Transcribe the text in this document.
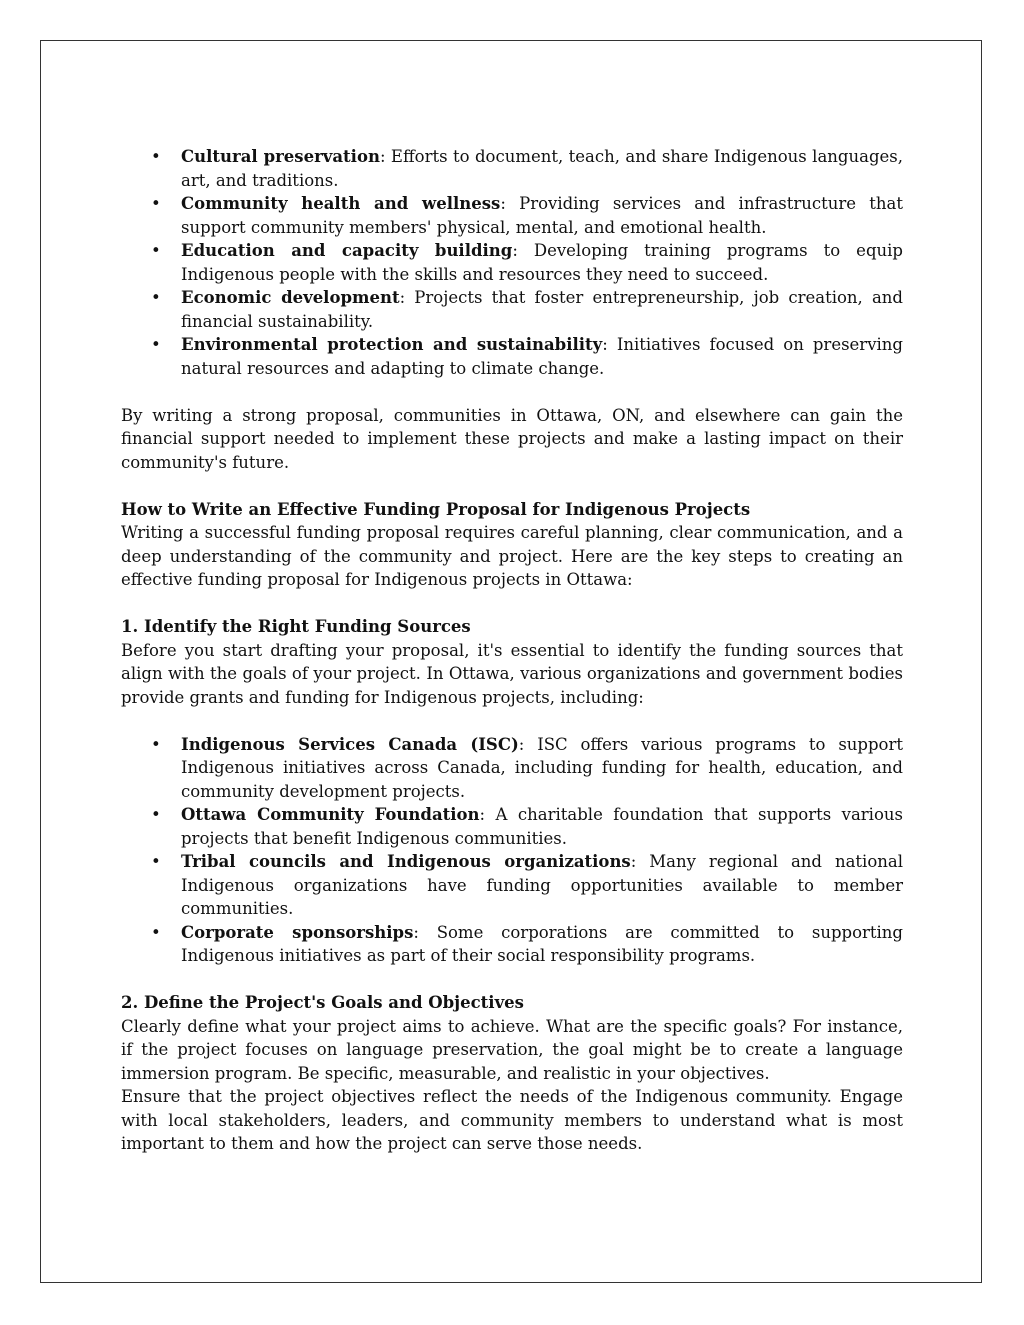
• Cultural preservation: Efforts to document, teach, and share Indigenous languages, art, and traditions.
• Community health and wellness: Providing services and infrastructure that support community members' physical, mental, and emotional health.
• Education and capacity building: Developing training programs to equip Indigenous people with the skills and resources they need to succeed.
• Economic development: Projects that foster entrepreneurship, job creation, and financial sustainability.
• Environmental protection and sustainability: Initiatives focused on preserving natural resources and adapting to climate change.

By writing a strong proposal, communities in Ottawa, ON, and elsewhere can gain the financial support needed to implement these projects and make a lasting impact on their community's future.

How to Write an Effective Funding Proposal for Indigenous Projects

Writing a successful funding proposal requires careful planning, clear communication, and a deep understanding of the community and project. Here are the key steps to creating an effective funding proposal for Indigenous projects in Ottawa:

1. Identify the Right Funding Sources

Before you start drafting your proposal, it's essential to identify the funding sources that align with the goals of your project. In Ottawa, various organizations and government bodies provide grants and funding for Indigenous projects, including:

• Indigenous Services Canada (ISC): ISC offers various programs to support Indigenous initiatives across Canada, including funding for health, education, and community development projects.
• Ottawa Community Foundation: A charitable foundation that supports various projects that benefit Indigenous communities.
• Tribal councils and Indigenous organizations: Many regional and national Indigenous organizations have funding opportunities available to member communities.
• Corporate sponsorships: Some corporations are committed to supporting Indigenous initiatives as part of their social responsibility programs.

2. Define the Project's Goals and Objectives

Clearly define what your project aims to achieve. What are the specific goals? For instance, if the project focuses on language preservation, the goal might be to create a language immersion program. Be specific, measurable, and realistic in your objectives.

Ensure that the project objectives reflect the needs of the Indigenous community. Engage with local stakeholders, leaders, and community members to understand what is most important to them and how the project can serve those needs.
